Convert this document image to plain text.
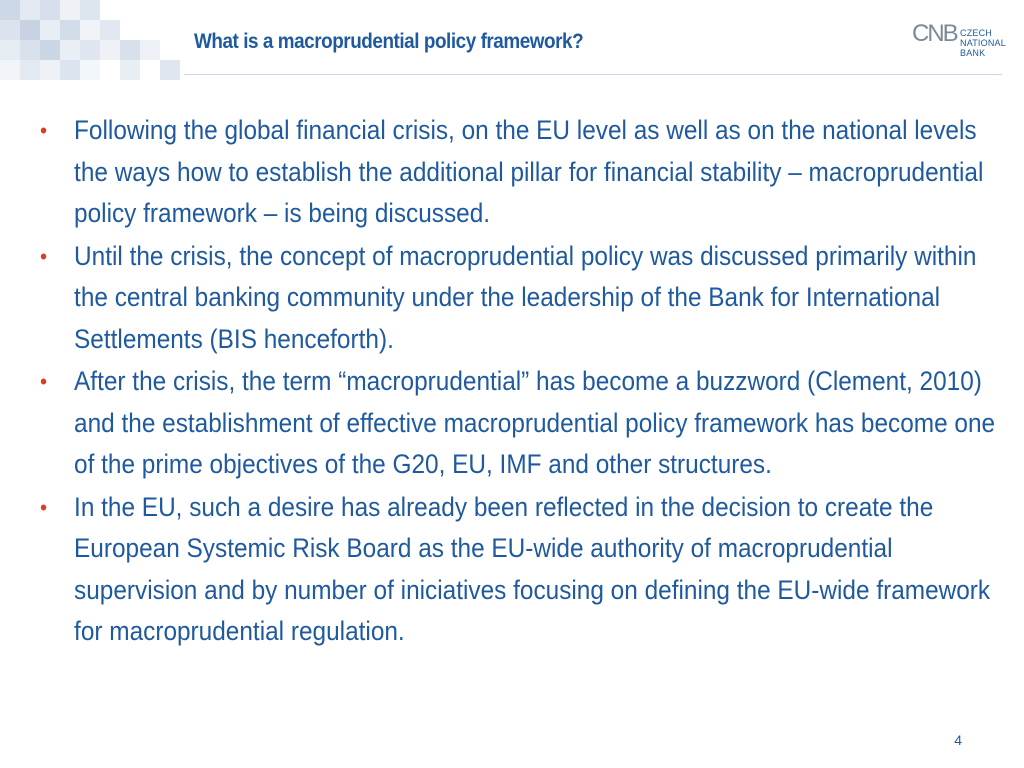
What is a macroprudential policy framework?	CNB CZECH
NATIONAL BANK
• Following the global financial crisis, on the EU level as well as on the national levels the ways how to establish the additional pillar for financial stability – macroprudential policy framework – is being discussed.
• Until the crisis, the concept of macroprudential policy was discussed primarily within the central banking community under the leadership of the Bank for International Settlements (BIS henceforth).
• After the crisis, the term “macroprudential” has become a buzzword (Clement, 2010) and the establishment of effective macroprudential policy framework has become one of the prime objectives of the G20, EU, IMF and other structures.
• In the EU, such a desire has already been reflected in the decision to create the European Systemic Risk Board as the EU-wide authority of macroprudential supervision and by number of iniciatives focusing on defining the EU-wide framework for macroprudential regulation.
4
